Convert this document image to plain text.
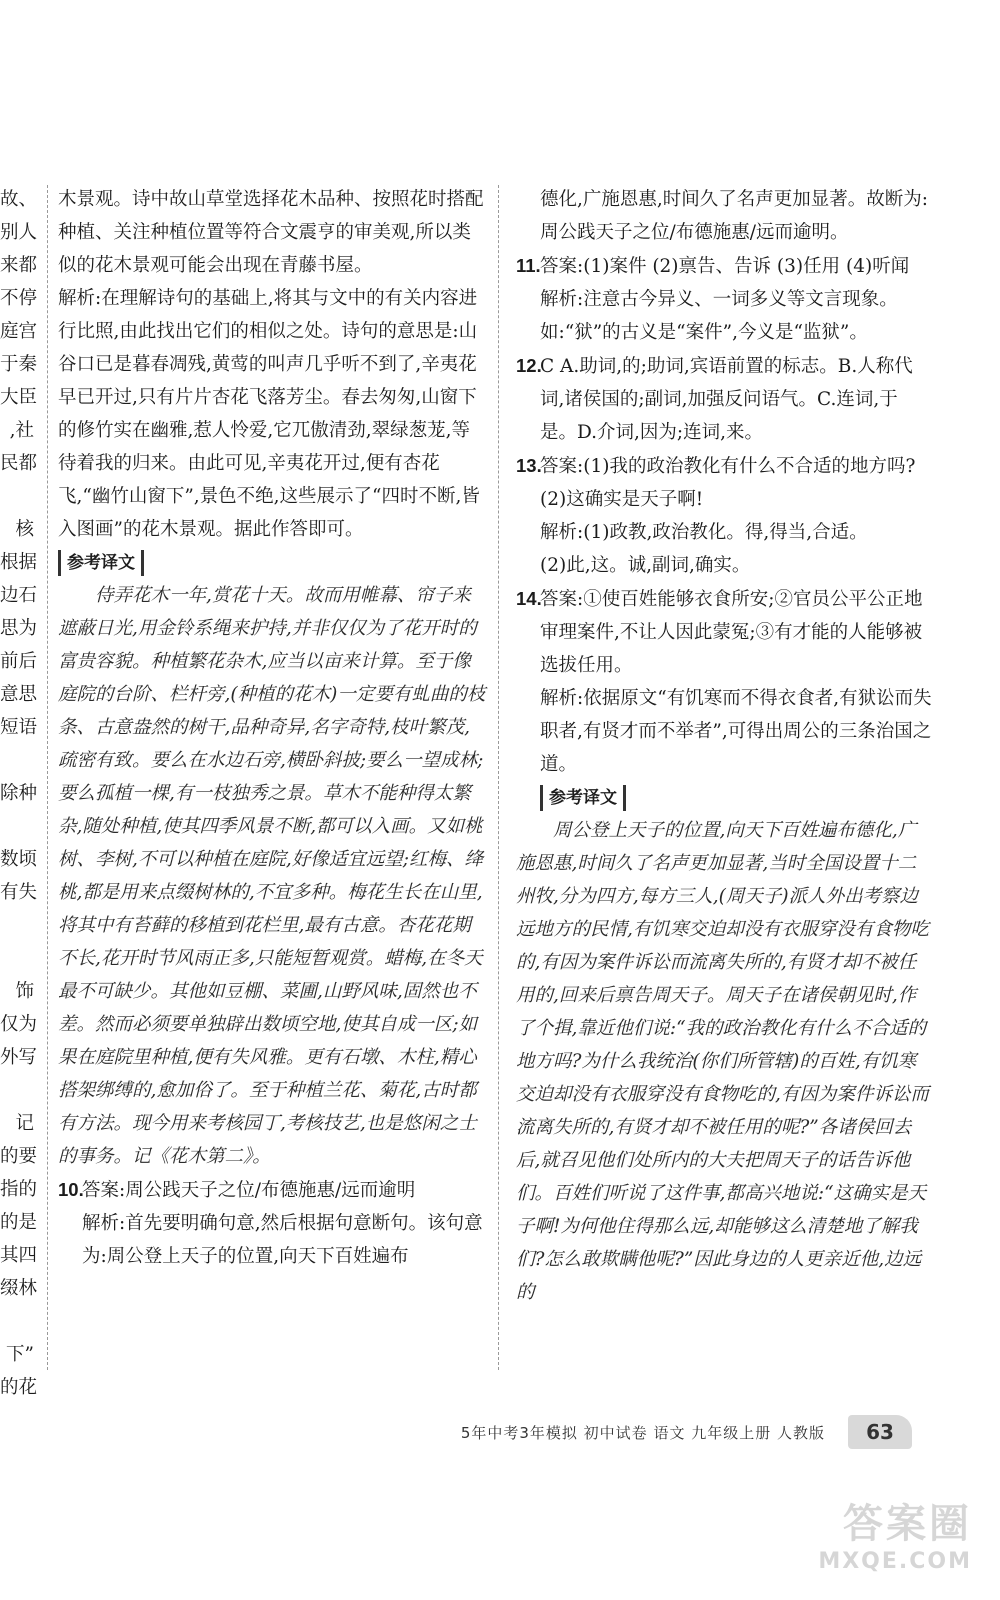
故、

别人

来都

不停

庭宫

于秦

大臣

,社

民都

核

根据

边石

思为

前后

意思

短语

除种

数顷

有失

饰

仅为

外写

记

的要

指的

的是

其四

缀林

下”

的花

木景观。诗中故山草堂选择花木品种、按照花时搭配种植、关注种植位置等符合文震亨的审美观,所以类似的花木景观可能会出现在青藤书屋。

解析:在理解诗句的基础上,将其与文中的有关内容进行比照,由此找出它们的相似之处。诗句的意思是:山谷口已是暮春凋残,黄莺的叫声几乎听不到了,辛夷花早已开过,只有片片杏花飞落芳尘。春去匆匆,山窗下的修竹实在幽雅,惹人怜爱,它兀傲清劲,翠绿葱茏,等待着我的归来。由此可见,辛夷花开过,便有杏花飞,“幽竹山窗下”,景色不绝,这些展示了“四时不断,皆入图画”的花木景观。据此作答即可。

参考译文

侍弄花木一年,赏花十天。故而用帷幕、帘子来遮蔽日光,用金铃系绳来护持,并非仅仅为了花开时的富贵容貌。种植繁花杂木,应当以亩来计算。至于像庭院的台阶、栏杆旁,(种植的花木)一定要有虬曲的枝条、古意盎然的树干,品种奇异,名字奇特,枝叶繁茂,疏密有致。要么在水边石旁,横卧斜披;要么一望成林;要么孤植一棵,有一枝独秀之景。草木不能种得太繁杂,随处种植,使其四季风景不断,都可以入画。又如桃树、李树,不可以种植在庭院,好像适宜远望;红梅、绛桃,都是用来点缀树林的,不宜多种。梅花生长在山里,将其中有苔藓的移植到花栏里,最有古意。杏花花期不长,花开时节风雨正多,只能短暂观赏。蜡梅,在冬天最不可缺少。其他如豆棚、菜圃,山野风味,固然也不差。然而必须要单独辟出数顷空地,使其自成一区;如果在庭院里种植,便有失风雅。更有石墩、木柱,精心搭架绑缚的,愈加俗了。至于种植兰花、菊花,古时都有方法。现今用来考核园丁,考核技艺,也是悠闲之士的事务。记《花木第二》。

10.答案:周公践天子之位/布德施惠/远而逾明

解析:首先要明确句意,然后根据句意断句。该句意为:周公登上天子的位置,向天下百姓遍布

德化,广施恩惠,时间久了名声更加显著。故断为:周公践天子之位/布德施惠/远而逾明。

11.答案:(1)案件 (2)禀告、告诉 (3)任用 (4)听闻

解析:注意古今异义、一词多义等文言现象。如:“狱”的古义是“案件”,今义是“监狱”。

12.C A.助词,的;助词,宾语前置的标志。B.人称代词,诸侯国的;副词,加强反问语气。C.连词,于是。D.介词,因为;连词,来。

13.答案:(1)我的政治教化有什么不合适的地方吗?

(2)这确实是天子啊!

解析:(1)政教,政治教化。得,得当,合适。

(2)此,这。诚,副词,确实。

14.答案:①使百姓能够衣食所安;②官员公平公正地审理案件,不让人因此蒙冤;③有才能的人能够被选拔任用。

解析:依据原文“有饥寒而不得衣食者,有狱讼而失职者,有贤才而不举者”,可得出周公的三条治国之道。

参考译文

周公登上天子的位置,向天下百姓遍布德化,广施恩惠,时间久了名声更加显著,当时全国设置十二州牧,分为四方,每方三人,(周天子)派人外出考察边远地方的民情,有饥寒交迫却没有衣服穿没有食物吃的,有因为案件诉讼而流离失所的,有贤才却不被任用的,回来后禀告周天子。周天子在诸侯朝见时,作了个揖,靠近他们说:“我的政治教化有什么不合适的地方吗?为什么我统治(你们所管辖)的百姓,有饥寒交迫却没有衣服穿没有食物吃的,有因为案件诉讼而流离失所的,有贤才却不被任用的呢?”各诸侯回去后,就召见他们处所内的大夫把周天子的话告诉他们。百姓们听说了这件事,都高兴地说:“这确实是天子啊!为何他住得那么远,却能够这么清楚地了解我们?怎么敢欺瞒他呢?”因此身边的人更亲近他,边远的

5年中考3年模拟 初中试卷 语文 九年级上册 人教版	63
答案圈
MXQE.COM
